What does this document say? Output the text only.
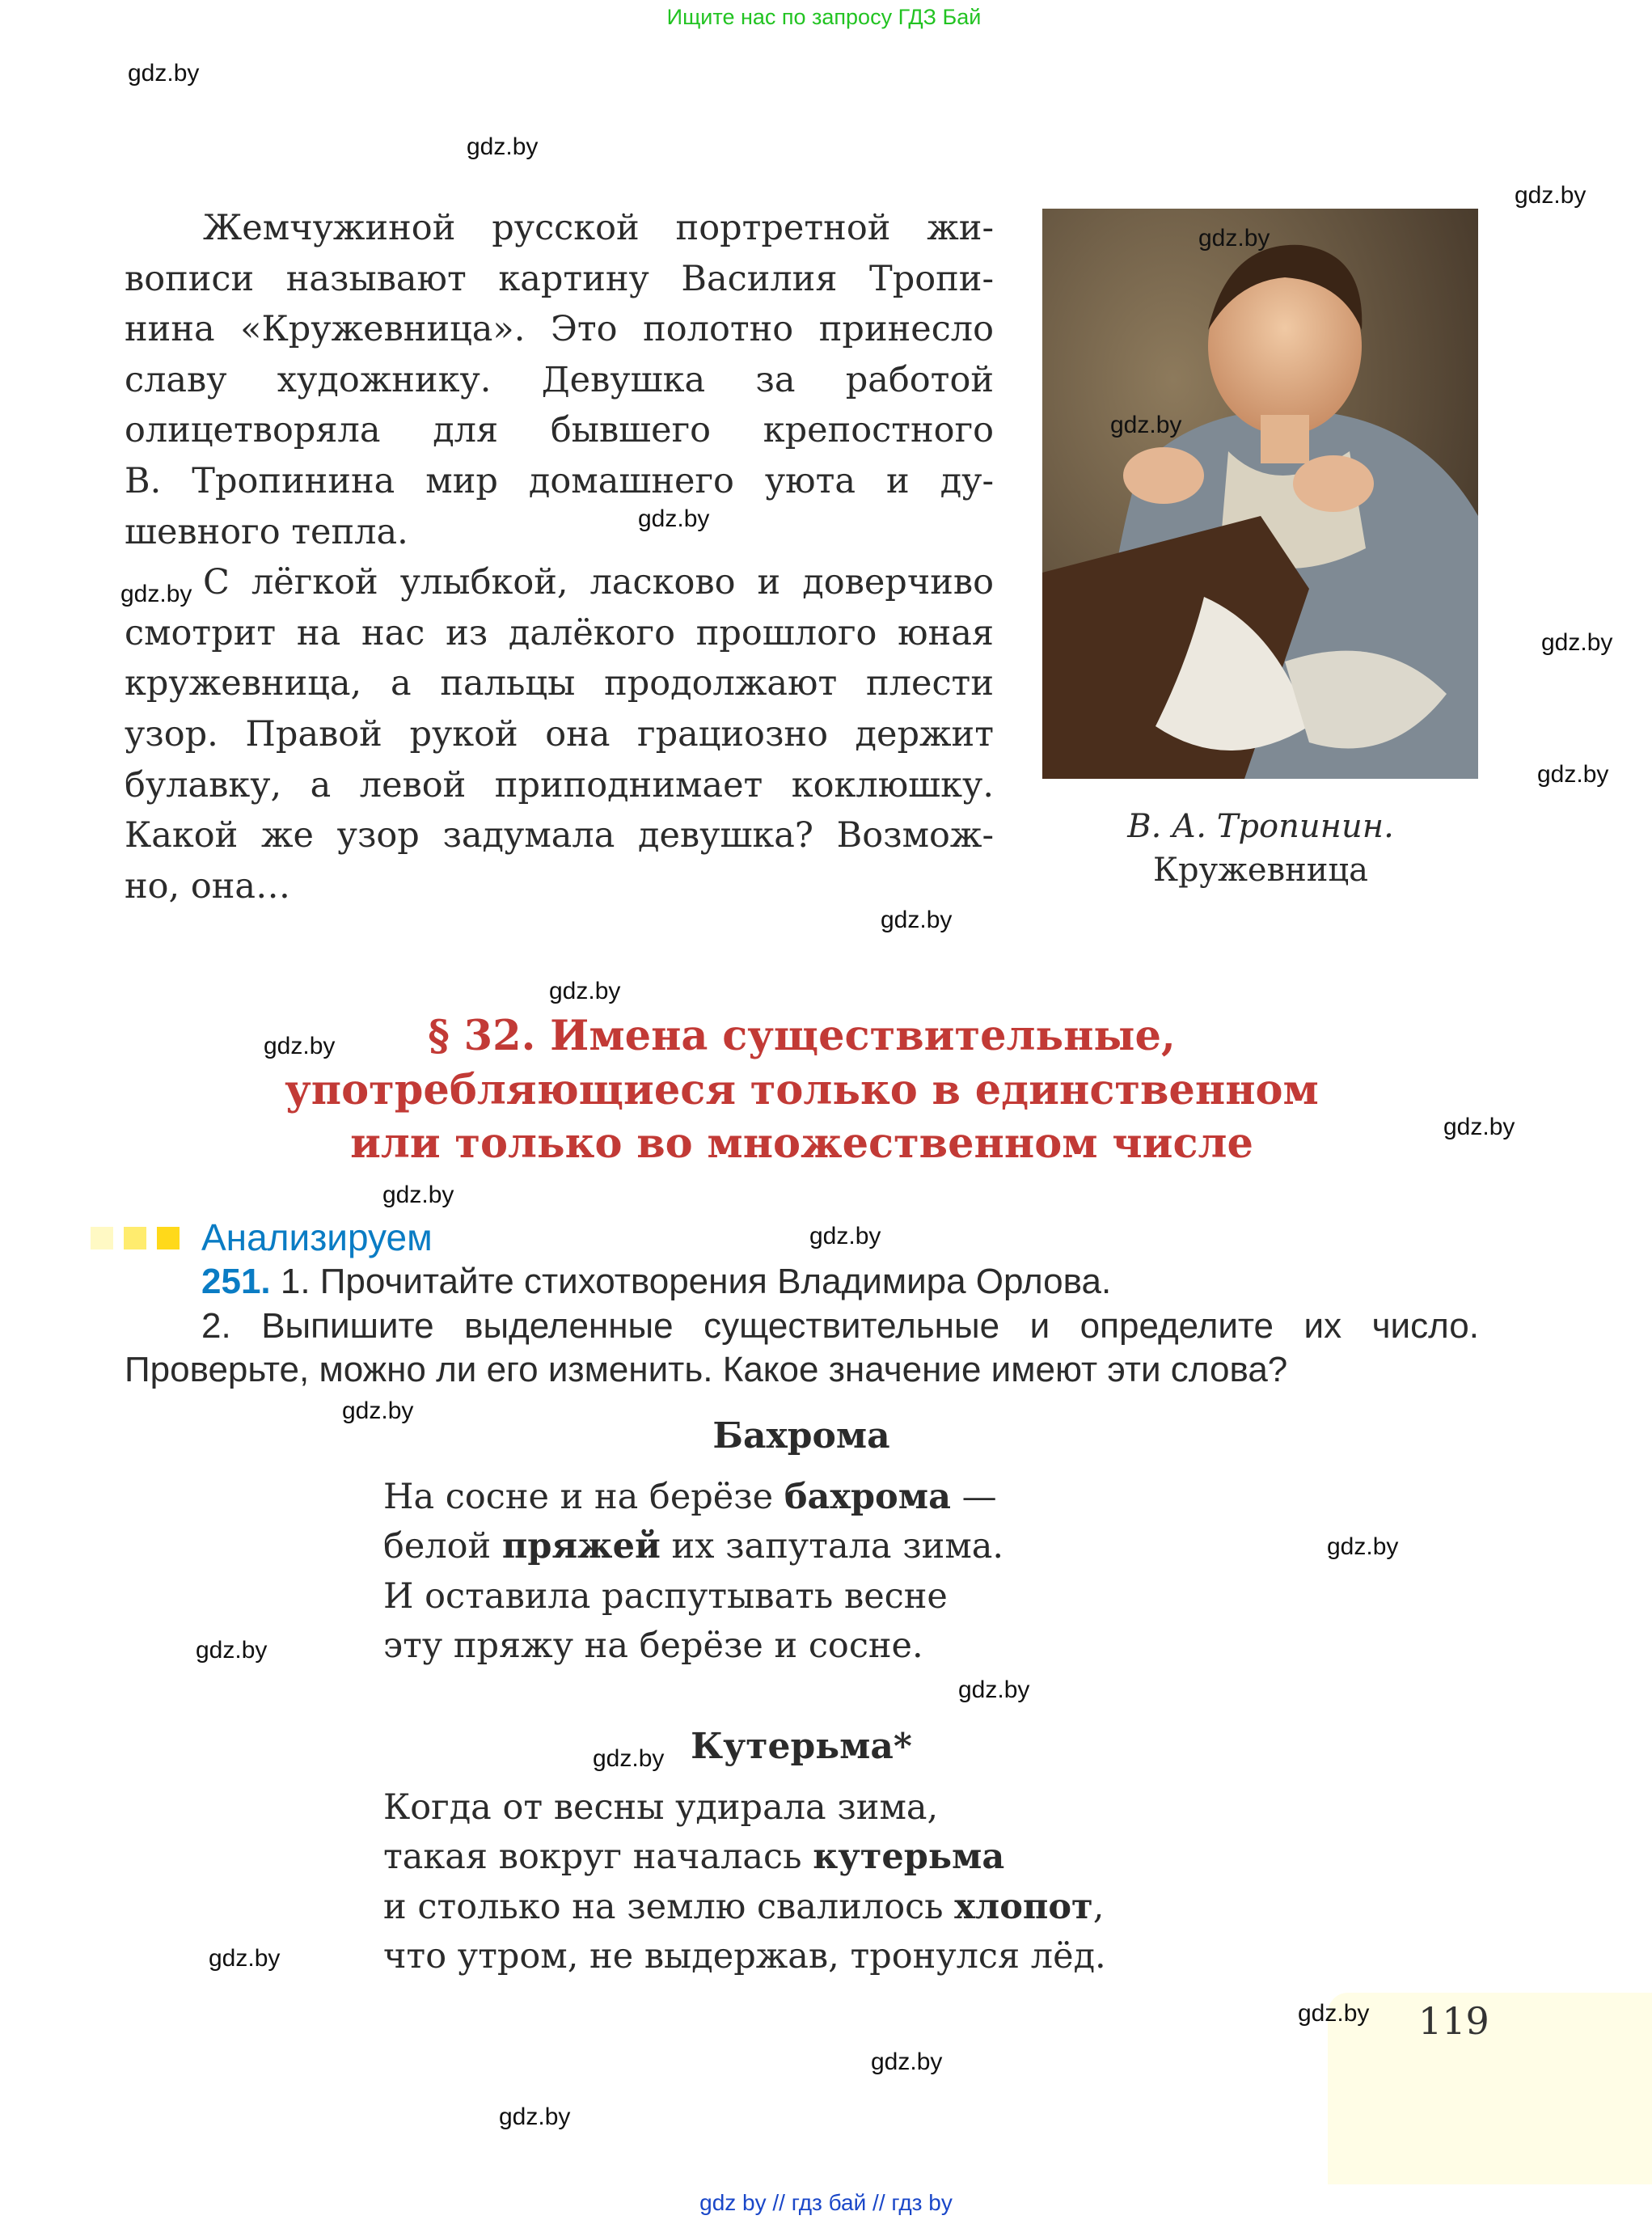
Ищите нас по запросу ГДЗ Бай
Жемчужиной русской портретной жи-
вописи называют картину Василия Тропи-
нина «Кружевница». Это полотно принесло
славу художнику. Девушка за работой
олицетворяла для бывшего крепостного
В. Тропинина мир домашнего уюта и ду-
шевного тепла.
С лёгкой улыбкой, ласково и доверчиво
смотрит на нас из далёкого прошлого юная
кружевница, а пальцы продолжают плести
узор. Правой рукой она грациозно держит
булавку, а левой приподнимает коклюшку.
Какой же узор задумала девушка? Возмож-
но, она…
В. А. Тропинин.
Кружевница
§ 32. Имена существительные,
употребляющиеся только в единственном
или только во множественном числе
Анализируем
251. 1. Прочитайте стихотворения Владимира Орлова.
2. Выпишите выделенные существительные и определите их число.
Проверьте, можно ли его изменить. Какое значение имеют эти слова?
Бахрома
На сосне и на берёзе бахрома —
белой пряжей их запутала зима.
И оставила распутывать весне
эту пряжу на берёзе и сосне.
Кутерьма*
Когда от весны удирала зима,
такая вокруг началась кутерьма
и столько на землю свалилось хлопот,
что утром, не выдержав, тронулся лёд.
119
gdz by // гдз бай // гдз by
gdz.by
gdz.by
gdz.by
gdz.by
gdz.by
gdz.by
gdz.by
gdz.by
gdz.by
gdz.by
gdz.by
gdz.by
gdz.by
gdz.by
gdz.by
gdz.by
gdz.by
gdz.by
gdz.by
gdz.by
gdz.by
gdz.by
gdz.by
gdz.by
